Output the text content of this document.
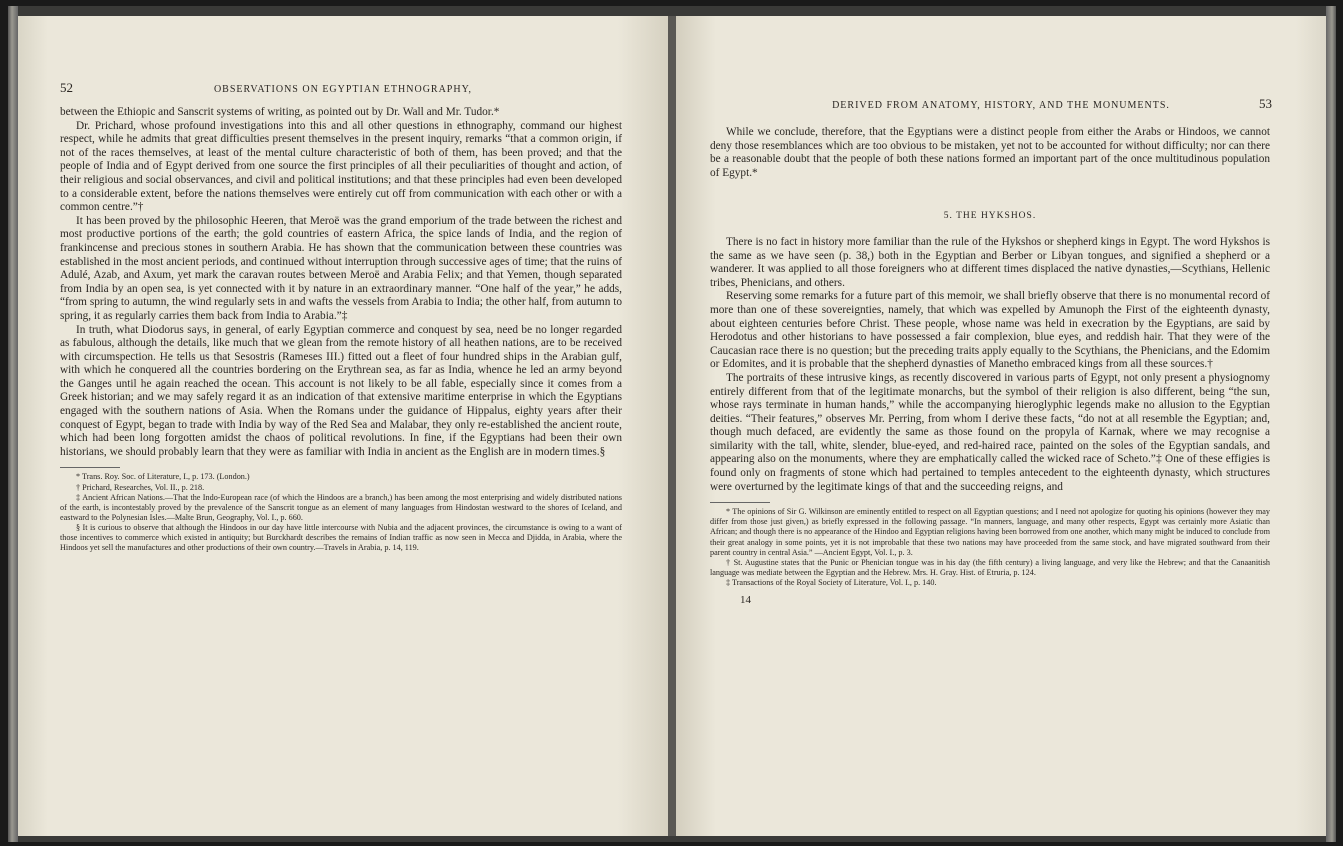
52	OBSERVATIONS ON EGYPTIAN ETHNOGRAPHY,

between the Ethiopic and Sanscrit systems of writing, as pointed out by Dr. Wall and Mr. Tudor.*

Dr. Prichard, whose profound investigations into this and all other questions in ethnography, command our highest respect, while he admits that great difficulties present themselves in the present inquiry, remarks “that a common origin, if not of the races themselves, at least of the mental culture characteristic of both of them, has been proved; and that the people of India and of Egypt derived from one source the first principles of all their peculiarities of thought and action, of their religious and social observances, and civil and political institutions; and that these principles had even been developed to a considerable extent, before the nations themselves were entirely cut off from communication with each other or with a common centre.”†

It has been proved by the philosophic Heeren, that Meroë was the grand emporium of the trade between the richest and most productive portions of the earth; the gold countries of eastern Africa, the spice lands of India, and the region of frankincense and precious stones in southern Arabia. He has shown that the communication between these countries was established in the most ancient periods, and continued without interruption through successive ages of time; that the ruins of Adulé, Azab, and Axum, yet mark the caravan routes between Meroë and Arabia Felix; and that Yemen, though separated from India by an open sea, is yet connected with it by nature in an extraordinary manner. “One half of the year,” he adds, “from spring to autumn, the wind regularly sets in and wafts the vessels from Arabia to India; the other half, from autumn to spring, it as regularly carries them back from India to Arabia.”‡

In truth, what Diodorus says, in general, of early Egyptian commerce and conquest by sea, need be no longer regarded as fabulous, although the details, like much that we glean from the remote history of all heathen nations, are to be received with circumspection. He tells us that Sesostris (Rameses III.) fitted out a fleet of four hundred ships in the Arabian gulf, with which he conquered all the countries bordering on the Erythrean sea, as far as India, whence he led an army beyond the Ganges until he again reached the ocean. This account is not likely to be all fable, especially since it comes from a Greek historian; and we may safely regard it as an indication of that extensive maritime enterprise in which the Egyptians engaged with the southern nations of Asia. When the Romans under the guidance of Hippalus, eighty years after their conquest of Egypt, began to trade with India by way of the Red Sea and Malabar, they only re-established the ancient route, which had been long forgotten amidst the chaos of political revolutions. In fine, if the Egyptians had been their own historians, we should probably learn that they were as familiar with India in ancient as the English are in modern times.§

* Trans. Roy. Soc. of Literature, I., p. 173. (London.)

† Prichard, Researches, Vol. II., p. 218.

‡ Ancient African Nations.—That the Indo-European race (of which the Hindoos are a branch,) has been among the most enterprising and widely distributed nations of the earth, is incontestably proved by the prevalence of the Sanscrit tongue as an element of many languages from Hindostan westward to the shores of Iceland, and eastward to the Polynesian Isles.—Malte Brun, Geography, Vol. I., p. 660.

§ It is curious to observe that although the Hindoos in our day have little intercourse with Nubia and the adjacent provinces, the circumstance is owing to a want of those incentives to commerce which existed in antiquity; but Burckhardt describes the remains of Indian traffic as now seen in Mecca and Djidda, in Arabia, where the Hindoos yet sell the manufactures and other productions of their own country.—Travels in Arabia, p. 14, 119.

DERIVED FROM ANATOMY, HISTORY, AND THE MONUMENTS.	53

While we conclude, therefore, that the Egyptians were a distinct people from either the Arabs or Hindoos, we cannot deny those resemblances which are too obvious to be mistaken, yet not to be accounted for without difficulty; nor can there be a reasonable doubt that the people of both these nations formed an important part of the once multitudinous population of Egypt.*

5. THE HYKSHOS.

There is no fact in history more familiar than the rule of the Hykshos or shepherd kings in Egypt. The word Hykshos is the same as we have seen (p. 38,) both in the Egyptian and Berber or Libyan tongues, and signified a shepherd or a wanderer. It was applied to all those foreigners who at different times displaced the native dynasties,—Scythians, Hellenic tribes, Phenicians, and others.

Reserving some remarks for a future part of this memoir, we shall briefly observe that there is no monumental record of more than one of these sovereignties, namely, that which was expelled by Amunoph the First of the eighteenth dynasty, about eighteen centuries before Christ. These people, whose name was held in execration by the Egyptians, are said by Herodotus and other historians to have possessed a fair complexion, blue eyes, and reddish hair. That they were of the Caucasian race there is no question; but the preceding traits apply equally to the Scythians, the Phenicians, and the Edomim or Edomites, and it is probable that the shepherd dynasties of Manetho embraced kings from all these sources.†

The portraits of these intrusive kings, as recently discovered in various parts of Egypt, not only present a physiognomy entirely different from that of the legitimate monarchs, but the symbol of their religion is also different, being “the sun, whose rays terminate in human hands,” while the accompanying hieroglyphic legends make no allusion to the Egyptian deities. “Their features,” observes Mr. Perring, from whom I derive these facts, “do not at all resemble the Egyptian; and, though much defaced, are evidently the same as those found on the propyla of Karnak, where we may recognise a similarity with the tall, white, slender, blue-eyed, and red-haired race, painted on the soles of the Egyptian sandals, and appearing also on the monuments, where they are emphatically called the wicked race of Scheto.”‡ One of these effigies is found only on fragments of stone which had pertained to temples antecedent to the eighteenth dynasty, which structures were overturned by the legitimate kings of that and the succeeding reigns, and

* The opinions of Sir G. Wilkinson are eminently entitled to respect on all Egyptian questions; and I need not apologize for quoting his opinions (however they may differ from those just given,) as briefly expressed in the following passage. “In manners, language, and many other respects, Egypt was certainly more Asiatic than African; and though there is no appearance of the Hindoo and Egyptian religions having been borrowed from one another, which many might be induced to conclude from their great analogy in some points, yet it is not improbable that these two nations may have proceeded from the same stock, and have migrated southward from their parent country in central Asia.” —Ancient Egypt, Vol. I., p. 3.

† St. Augustine states that the Punic or Phenician tongue was in his day (the fifth century) a living language, and very like the Hebrew; and that the Canaanitish language was mediate between the Egyptian and the Hebrew. Mrs. H. Gray. Hist. of Etruria, p. 124.

‡ Transactions of the Royal Society of Literature, Vol. I., p. 140.

14
